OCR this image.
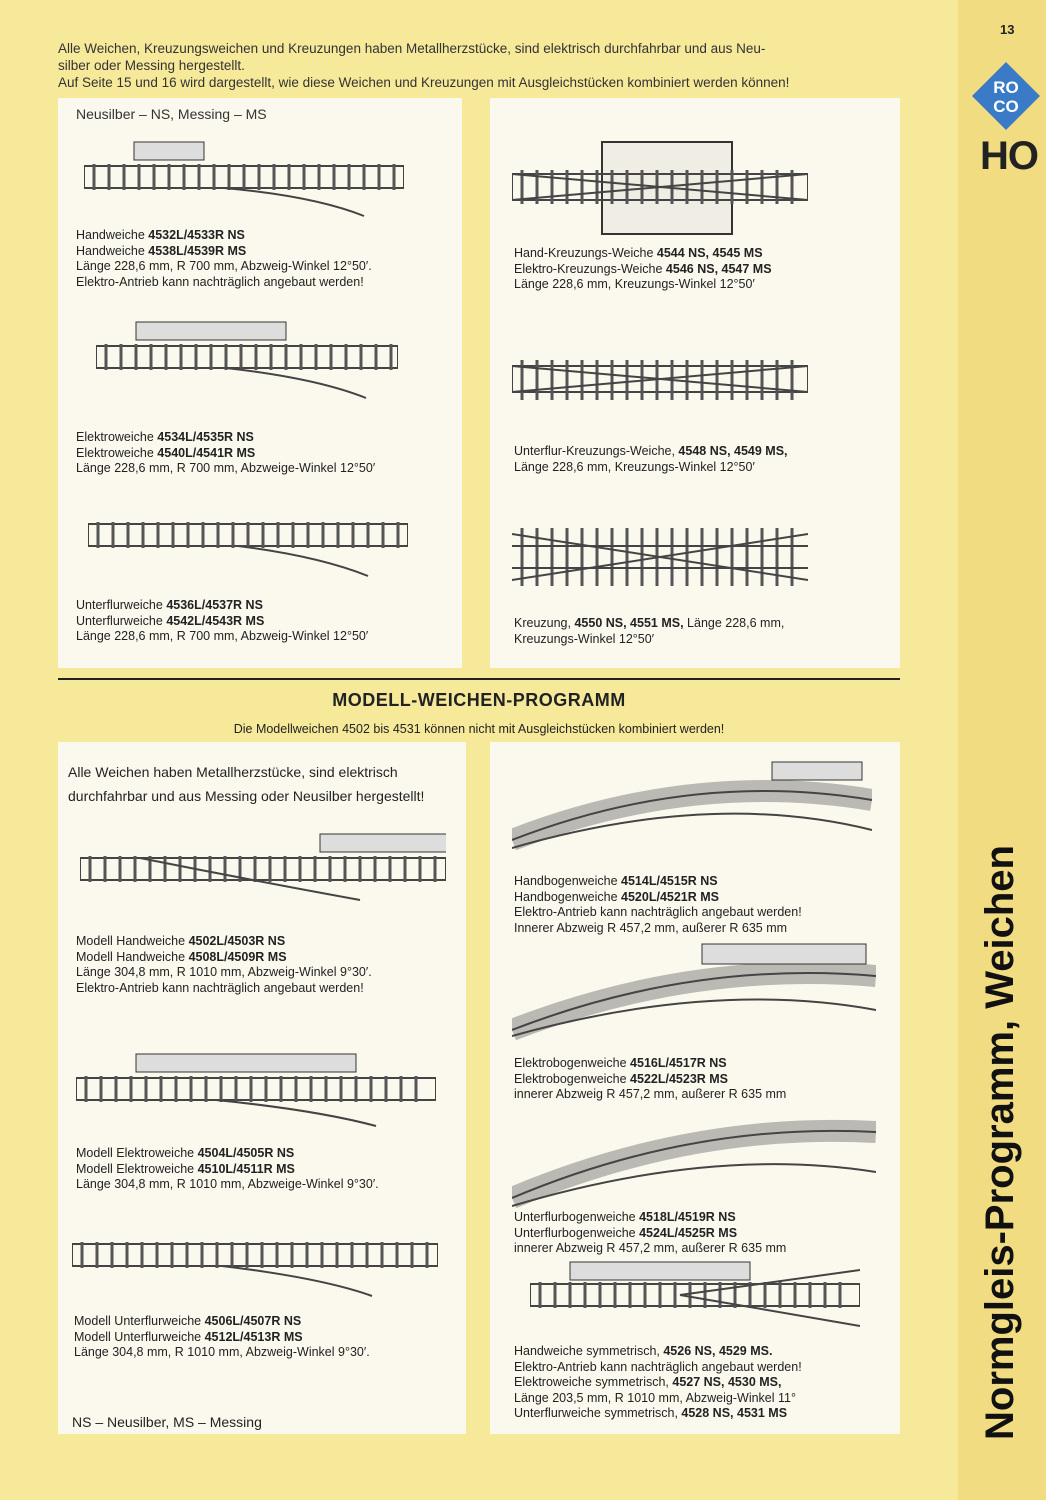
13
RO
CO
HO
Normgleis-Programm, Weichen
Alle Weichen, Kreuzungsweichen und Kreuzungen haben Metallherzstücke, sind elektrisch durchfahrbar und aus Neu-
silber oder Messing hergestellt.
Auf Seite 15 und 16 wird dargestellt, wie diese Weichen und Kreuzungen mit Ausgleichstücken kombiniert werden können!
Neusilber – NS, Messing – MS
Handweiche 4532L/4533R NS
Handweiche 4538L/4539R MS
Länge 228,6 mm, R 700 mm, Abzweig-Winkel 12°50′.
Elektro-Antrieb kann nachträglich angebaut werden!
Elektroweiche 4534L/4535R NS
Elektroweiche 4540L/4541R MS
Länge 228,6 mm, R 700 mm, Abzweige-Winkel 12°50′
Unterflurweiche 4536L/4537R NS
Unterflurweiche 4542L/4543R MS
Länge 228,6 mm, R 700 mm, Abzweig-Winkel 12°50′
Hand-Kreuzungs-Weiche 4544 NS, 4545 MS
Elektro-Kreuzungs-Weiche 4546 NS, 4547 MS
Länge 228,6 mm, Kreuzungs-Winkel 12°50′
Unterflur-Kreuzungs-Weiche, 4548 NS, 4549 MS,
Länge 228,6 mm, Kreuzungs-Winkel 12°50′
Kreuzung, 4550 NS, 4551 MS, Länge 228,6 mm,
Kreuzungs-Winkel 12°50′
MODELL-WEICHEN-PROGRAMM
Die Modellweichen 4502 bis 4531 können nicht mit Ausgleichstücken kombiniert werden!
Alle Weichen haben Metallherzstücke, sind elektrisch
durchfahrbar und aus Messing oder Neusilber hergestellt!
Modell Handweiche 4502L/4503R NS
Modell Handweiche 4508L/4509R MS
Länge 304,8 mm, R 1010 mm, Abzweig-Winkel 9°30′.
Elektro-Antrieb kann nachträglich angebaut werden!
Modell Elektroweiche 4504L/4505R NS
Modell Elektroweiche 4510L/4511R MS
Länge 304,8 mm, R 1010 mm, Abzweige-Winkel 9°30′.
Modell Unterflurweiche 4506L/4507R NS
Modell Unterflurweiche 4512L/4513R MS
Länge 304,8 mm, R 1010 mm, Abzweig-Winkel 9°30′.
Handbogenweiche 4514L/4515R NS
Handbogenweiche 4520L/4521R MS
Elektro-Antrieb kann nachträglich angebaut werden!
Innerer Abzweig R 457,2 mm, außerer R 635 mm
Elektrobogenweiche 4516L/4517R NS
Elektrobogenweiche 4522L/4523R MS
innerer Abzweig R 457,2 mm, außerer R 635 mm
Unterflurbogenweiche 4518L/4519R NS
Unterflurbogenweiche 4524L/4525R MS
innerer Abzweig R 457,2 mm, außerer R 635 mm
Handweiche symmetrisch, 4526 NS, 4529 MS.
Elektro-Antrieb kann nachträglich angebaut werden!
Elektroweiche symmetrisch, 4527 NS, 4530 MS,
Länge 203,5 mm, R 1010 mm, Abzweig-Winkel 11°
Unterflurweiche symmetrisch, 4528 NS, 4531 MS
NS – Neusilber, MS – Messing
